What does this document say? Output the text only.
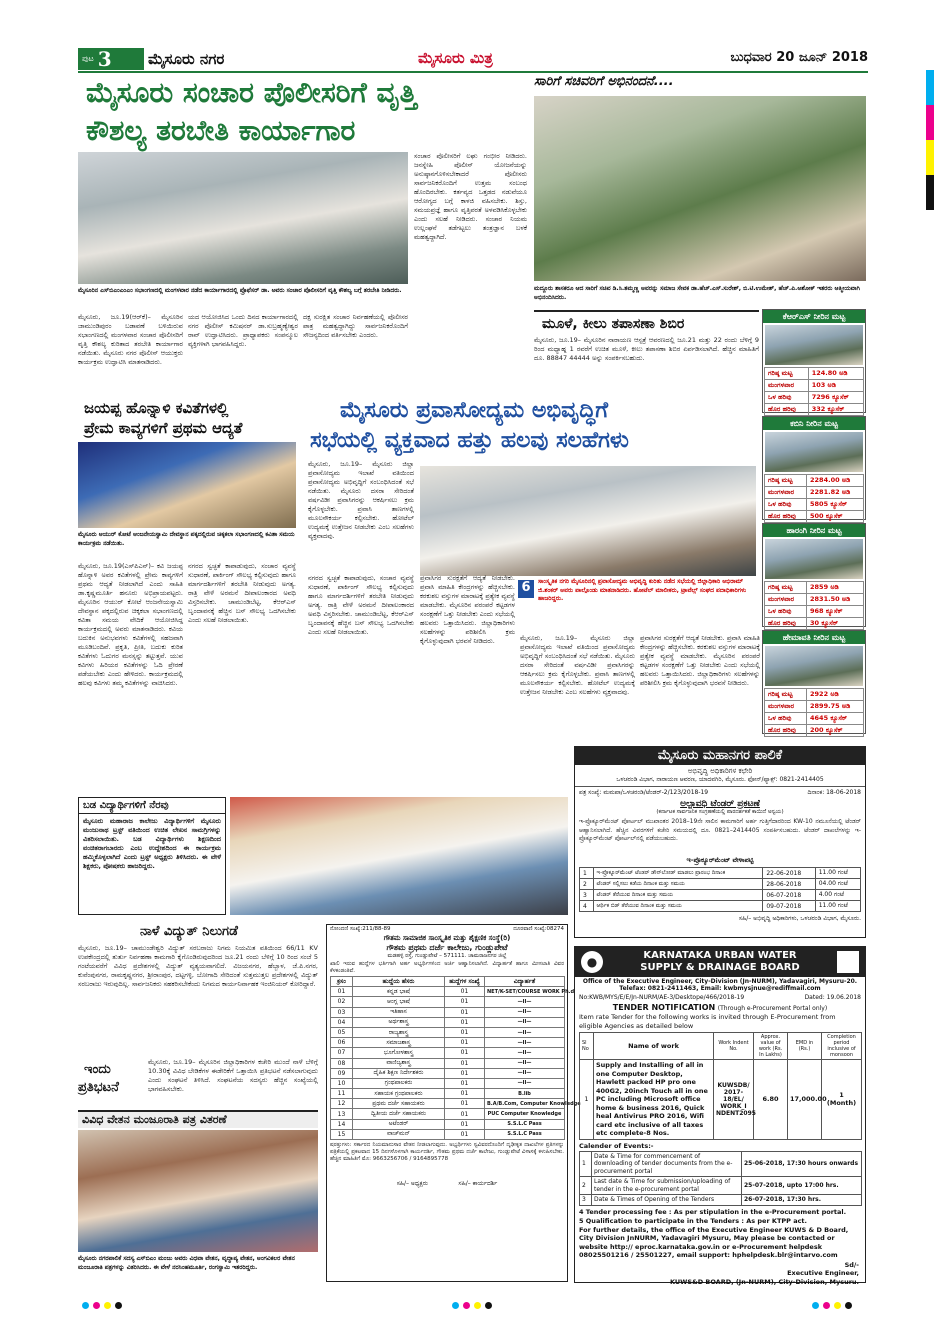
ಪುಟ 3 ಮೈಸೂರು ನಗರ	ಮೈಸೂರು ಮಿತ್ರ	ಬುಧವಾರ 20 ಜೂನ್ 2018
ಮೈಸೂರು ಸಂಚಾರ ಪೊಲೀಸರಿಗೆ ವೃತ್ತಿ
ಕೌಶಲ್ಯ ತರಬೇತಿ ಕಾರ್ಯಾಗಾರ
ಸಾರಿಗೆ ಸಚಿವರಿಗೆ ಅಭಿನಂದನೆ....
ಮದ್ದೂರು ಶಾಸಕರೂ ಆದ ಸಾರಿಗೆ ಸಚಿವ ಡಿ.ಸಿ.ತಮ್ಮಣ್ಣ ಅವರನ್ನು ಸಮಾಜ ಸೇವಕ ಡಾ.ಹೆಚ್.ಎಸ್.ಸುರೇಶ್, ಬಿ.ಟಿ.ಉಮೇಶ್, ಹೆಚ್.ಪಿ.ಅಶೋಕ್ ಇತರರು ಆತ್ಮೀಯವಾಗಿ ಅಭಿನಂದಿಸಿದರು.
ಮೈಸೂರಿನ ಎಸ್‌ಬಿಎಂಎಂಎಂ ಸಭಾಂಗಣದಲ್ಲಿ ಮಂಗಳವಾರ ನಡೆದ ಕಾರ್ಯಾಗಾರದಲ್ಲಿ ಪ್ರೊಫೆಸರ್ ಡಾ. ಅವರು ಸಂಚಾರ ಪೊಲೀಸರಿಗೆ ವೃತ್ತಿ ಕೌಶಲ್ಯ ಬಗ್ಗೆ ತರಬೇತಿ ನೀಡಿದರು.
ಮೈಸೂರು, ಜೂ.19(ಆರ್‌ಕೆ)– ಮೈಸೂರಿನ ಜಾಮುಂಡಿಪುರಂ ಬಡಾವಣೆ ಬಳಿಯಿರುವ ಸಭಾಂಗಣದಲ್ಲಿ ಮಂಗಳವಾರ ಸಂಚಾರ ಪೊಲೀಸರಿಗೆ ವೃತ್ತಿ ಕೌಶಲ್ಯ ಕುರಿತಾದ ತರಬೇತಿ ಕಾರ್ಯಾಗಾರ ನಡೆಯಿತು. ಮೈಸೂರು ನಗರ ಪೊಲೀಸ್ ಆಯುಕ್ತರು ಕಾರ್ಯಕ್ರಮ ಉದ್ಘಾಟಿಸಿ ಮಾತನಾಡಿದರು.
ಯದ ಆಯೋಜಿಸಿದ ಒಂದು ದಿನದ ಕಾರ್ಯಾಗಾರದಲ್ಲಿ ನಗರ ಪೊಲೀಸ್ ಕಮಿಷನರ್ ಡಾ.ಸುಬ್ರಹ್ಮಣ್ಯೇಶ್ವರ ರಾವ್ ಉದ್ಘಾಟಿಸಿದರು. ಪ್ರಾಧ್ಯಾಪಕರು ಸಂಪನ್ಮೂಲ ವ್ಯಕ್ತಿಗಳಾಗಿ ಭಾಗವಹಿಸಿದ್ದರು.
ದಕ್ಷ ಸುರಕ್ಷಿತ ಸಂಚಾರ ನಿರ್ವಹಣೆಯಲ್ಲಿ ಪೊಲೀಸರ ಪಾತ್ರ ಮಹತ್ವದ್ದಾಗಿದ್ದು ಸಾರ್ವಜನಿಕರೊಂದಿಗೆ ಸೌಜನ್ಯದಿಂದ ವರ್ತಿಸಬೇಕು ಎಂದರು.
ಸಂಚಾರ ಪೊಲೀಸರಿಗೆ ಲಘು ಗಂಭೀರ ನೀಡಿದರು. ಜನಸ್ನೇಹಿ ಪೊಲೀಸ್ ಯೋಜನೆಯನ್ನು ಅನುಷ್ಠಾನಗೊಳಿಸಬೇಕಾದರೆ ಪೊಲೀಸರು ಸಾರ್ವಜನಿಕರೊಂದಿಗೆ ಉತ್ತಮ ಸಂಬಂಧ ಹೊಂದಿರಬೇಕು. ಕರ್ತವ್ಯದ ಒತ್ತಡದ ನಡುವೆಯೂ ಆರೋಗ್ಯದ ಬಗ್ಗೆ ಕಾಳಜಿ ವಹಿಸಬೇಕು. ಶಿಸ್ತು, ಸಮಯಪ್ರಜ್ಞೆ ಹಾಗೂ ವೃತ್ತಿಪರತೆ ಅಳವಡಿಸಿಕೊಳ್ಳಬೇಕು ಎಂದು ಸಲಹೆ ನೀಡಿದರು. ಸಂಚಾರ ನಿಯಮ ಉಲ್ಲಂಘನೆ ತಡೆಗಟ್ಟಲು ತಂತ್ರಜ್ಞಾನ ಬಳಕೆ ಮಹತ್ವದ್ದಾಗಿದೆ.
ಮೂಳೆ, ಕೀಲು ತಪಾಸಣಾ ಶಿಬಿರ
ಮೈಸೂರು, ಜೂ.19– ಮೈಸೂರಿನ ನಾರಾಯಣ ಆಸ್ಪತ್ರೆ ಆವರಣದಲ್ಲಿ ಜೂ.21 ಮತ್ತು 22 ರಂದು ಬೆಳಿಗ್ಗೆ 9 ರಿಂದ ಮಧ್ಯಾಹ್ನ 1 ರವರೆಗೆ ಉಚಿತ ಮೂಳೆ, ಕೀಲು ತಪಾಸಣಾ ಶಿಬಿರ ಏರ್ಪಡಿಸಲಾಗಿದೆ. ಹೆಚ್ಚಿನ ಮಾಹಿತಿಗೆ ದೂ. 88847 44444 ಅನ್ನು ಸಂಪರ್ಕಿಸಬಹುದು.
ಕೆಆರ್‌ಎಸ್ ನೀರಿನ ಮಟ್ಟ
ಗರಿಷ್ಠ ಮಟ್ಟ	124.80 ಅಡಿ
ಮಂಗಳವಾರ	103 ಅಡಿ
ಒಳ ಹರಿವು	7296 ಕ್ಯೂಸೆಕ್
ಹೊರ ಹರಿವು	332 ಕ್ಯೂಸೆಕ್
ಕಬಿನಿ ನೀರಿನ ಮಟ್ಟ
ಗರಿಷ್ಠ ಮಟ್ಟ	2284.00 ಅಡಿ
ಮಂಗಳವಾರ	2281.82 ಅಡಿ
ಒಳ ಹರಿವು	5805 ಕ್ಯೂಸೆಕ್
ಹೊರ ಹರಿವು	500 ಕ್ಯೂಸೆಕ್
ಹಾರಂಗಿ ನೀರಿನ ಮಟ್ಟ
ಗರಿಷ್ಠ ಮಟ್ಟ	2859 ಅಡಿ
ಮಂಗಳವಾರ	2831.50 ಅಡಿ
ಒಳ ಹರಿವು	968 ಕ್ಯೂಸೆಕ್
ಹೊರ ಹರಿವು	30 ಕ್ಯೂಸೆಕ್
ಹೇಮಾವತಿ ನೀರಿನ ಮಟ್ಟ
ಗರಿಷ್ಠ ಮಟ್ಟ	2922 ಅಡಿ
ಮಂಗಳವಾರ	2899.75 ಅಡಿ
ಒಳ ಹರಿವು	4645 ಕ್ಯೂಸೆಕ್
ಹೊರ ಹರಿವು	200 ಕ್ಯೂಸೆಕ್
ಜಯಪ್ಪ ಹೊನ್ನಾಳಿ ಕವಿತೆಗಳಲ್ಲಿ
ಪ್ರೇಮ ಕಾವ್ಯಗಳಿಗೆ ಪ್ರಥಮ ಆದ್ಯತೆ
ಮೈಸೂರು ಆಯುರ್ ಕೋಟೆ ಆಂಜನೇಯಸ್ವಾಮಿ ದೇವಸ್ಥಾನ ಪಕ್ಕದಲ್ಲಿರುವ ಚಿಕ್ಕಕಲಾ ಸಭಾಂಗಣದಲ್ಲಿ ಕವಿತಾ ಸಮಯ ಕಾರ್ಯಕ್ರಮ ನಡೆಯಿತು.
ಮೈಸೂರು, ಜೂ.19(ಎಸ್‌ಪಿಎನ್)– ಕವಿ ಜಯಪ್ಪ ಹೊನ್ನಾಳಿ ಅವರ ಕವಿತೆಗಳಲ್ಲಿ ಪ್ರೇಮ ಕಾವ್ಯಗಳಿಗೆ ಪ್ರಥಮ ಆದ್ಯತೆ ನೀಡಲಾಗಿದೆ ಎಂದು ಸಾಹಿತಿ ಡಾ.ಕೃಷ್ಣಮೂರ್ತಿ ಹನೂರು ಅಭಿಪ್ರಾಯಪಟ್ಟರು. ಮೈಸೂರಿನ ಆಯುರ್ ಕೋಟೆ ಆಂಜನೇಯಸ್ವಾಮಿ ದೇವಸ್ಥಾನ ಪಕ್ಕದಲ್ಲಿರುವ ಚಿಕ್ಕಕಲಾ ಸಭಾಂಗಣದಲ್ಲಿ ಕವಿತಾ ಸಮಯ ವೇದಿಕೆ ಆಯೋಜಿಸಿದ್ದ ಕಾರ್ಯಕ್ರಮದಲ್ಲಿ ಅವರು ಮಾತನಾಡಿದರು. ಕವಿಯ ಬದುಕಿನ ಅನುಭವಗಳು ಕವಿತೆಗಳಲ್ಲಿ ಸಹಜವಾಗಿ ಮೂಡಿಬಂದಿವೆ. ಪ್ರಕೃತಿ, ಪ್ರೀತಿ, ಬದುಕು ಕುರಿತ ಕವಿತೆಗಳು ಓದುಗರ ಮನಸ್ಸನ್ನು ತಟ್ಟುತ್ತವೆ. ಯುವ ಕವಿಗಳು ಹಿರಿಯರ ಕವಿತೆಗಳನ್ನು ಓದಿ ಪ್ರೇರಣೆ ಪಡೆಯಬೇಕು ಎಂದು ಹೇಳಿದರು. ಕಾರ್ಯಕ್ರಮದಲ್ಲಿ ಹಲವು ಕವಿಗಳು ತಮ್ಮ ಕವಿತೆಗಳನ್ನು ವಾಚಿಸಿದರು.
ನಗರದ ಸ್ವಚ್ಛತೆ ಕಾಪಾಡುವುದು, ಸಂಚಾರ ವ್ಯವಸ್ಥೆ ಸುಧಾರಣೆ, ಪಾರ್ಕಿಂಗ್ ಸೌಲಭ್ಯ ಕಲ್ಪಿಸುವುದು ಹಾಗೂ ಮಾರ್ಗದರ್ಶಿಗಳಿಗೆ ತರಬೇತಿ ನೀಡುವುದು ಅಗತ್ಯ. ರಾತ್ರಿ ವೇಳೆ ಅರಮನೆ ದೀಪಾಲಂಕಾರದ ಅವಧಿ ವಿಸ್ತರಿಸಬೇಕು. ಚಾಮುಂಡಿಬೆಟ್ಟ, ಕೆಆರ್‌ಎಸ್ ಬೃಂದಾವನಕ್ಕೆ ಹೆಚ್ಚಿನ ಬಸ್ ಸೌಲಭ್ಯ ಒದಗಿಸಬೇಕು ಎಂದು ಸಲಹೆ ನೀಡಲಾಯಿತು.
ಮೈಸೂರು ಪ್ರವಾಸೋದ್ಯಮ ಅಭಿವೃದ್ಧಿಗೆ
ಸಭೆಯಲ್ಲಿ ವ್ಯಕ್ತವಾದ ಹತ್ತು ಹಲವು ಸಲಹೆಗಳು
ಮೈಸೂರು, ಜೂ.19– ಮೈಸೂರು ಜಿಲ್ಲಾ ಪ್ರವಾಸೋದ್ಯಮ ಇಲಾಖೆ ವತಿಯಿಂದ ಪ್ರವಾಸೋದ್ಯಮ ಅಭಿವೃದ್ಧಿಗೆ ಸಂಬಂಧಿಸಿದಂತೆ ಸಭೆ ನಡೆಯಿತು. ಮೈಸೂರು ದಸರಾ ಸೇರಿದಂತೆ ವರ್ಷವಿಡೀ ಪ್ರವಾಸಿಗರನ್ನು ಆಕರ್ಷಿಸಲು ಕ್ರಮ ಕೈಗೊಳ್ಳಬೇಕು. ಪ್ರವಾಸಿ ತಾಣಗಳಲ್ಲಿ ಮೂಲಸೌಕರ್ಯ ಕಲ್ಪಿಸಬೇಕು. ಹೋಟೆಲ್ ಉದ್ಯಮಕ್ಕೆ ಉತ್ತೇಜನ ನೀಡಬೇಕು ಎಂಬ ಸಲಹೆಗಳು ವ್ಯಕ್ತವಾದವು.
6	ಸಾಂಸ್ಕೃತಿಕ ನಗರಿ ಮೈಸೂರಿನಲ್ಲಿ ಪ್ರವಾಸೋದ್ಯಮ ಅಭಿವೃದ್ಧಿ ಕುರಿತು ನಡೆದ ಸಭೆಯಲ್ಲಿ ಜಿಲ್ಲಾಧಿಕಾರಿ ಅಭಿರಾಮ್ ಜಿ.ಶಂಕರ್ ಅವರು ಪಾಲ್ಗೊಂಡು ಮಾತನಾಡಿದರು. ಹೋಟೆಲ್ ಮಾಲೀಕರು, ಟ್ರಾವೆಲ್ಸ್ ಸಂಘದ ಪದಾಧಿಕಾರಿಗಳು ಹಾಜರಿದ್ದರು.
ನಗರದ ಸ್ವಚ್ಛತೆ ಕಾಪಾಡುವುದು, ಸಂಚಾರ ವ್ಯವಸ್ಥೆ ಸುಧಾರಣೆ, ಪಾರ್ಕಿಂಗ್ ಸೌಲಭ್ಯ ಕಲ್ಪಿಸುವುದು ಹಾಗೂ ಮಾರ್ಗದರ್ಶಿಗಳಿಗೆ ತರಬೇತಿ ನೀಡುವುದು ಅಗತ್ಯ. ರಾತ್ರಿ ವೇಳೆ ಅರಮನೆ ದೀಪಾಲಂಕಾರದ ಅವಧಿ ವಿಸ್ತರಿಸಬೇಕು. ಚಾಮುಂಡಿಬೆಟ್ಟ, ಕೆಆರ್‌ಎಸ್ ಬೃಂದಾವನಕ್ಕೆ ಹೆಚ್ಚಿನ ಬಸ್ ಸೌಲಭ್ಯ ಒದಗಿಸಬೇಕು ಎಂದು ಸಲಹೆ ನೀಡಲಾಯಿತು.
ಪ್ರವಾಸಿಗರ ಸುರಕ್ಷತೆಗೆ ಆದ್ಯತೆ ನೀಡಬೇಕು. ಪ್ರವಾಸಿ ಮಾಹಿತಿ ಕೇಂದ್ರಗಳನ್ನು ಹೆಚ್ಚಿಸಬೇಕು. ಕರಕುಶಲ ವಸ್ತುಗಳ ಮಾರಾಟಕ್ಕೆ ಪ್ರತ್ಯೇಕ ವ್ಯವಸ್ಥೆ ಮಾಡಬೇಕು. ಮೈಸೂರಿನ ಪರಂಪರೆ ಕಟ್ಟಡಗಳ ಸಂರಕ್ಷಣೆಗೆ ಒತ್ತು ನೀಡಬೇಕು ಎಂದು ಸಭೆಯಲ್ಲಿ ಹಲವರು ಒತ್ತಾಯಿಸಿದರು. ಜಿಲ್ಲಾಧಿಕಾರಿಗಳು ಸಲಹೆಗಳನ್ನು ಪರಿಶೀಲಿಸಿ ಕ್ರಮ ಕೈಗೊಳ್ಳುವುದಾಗಿ ಭರವಸೆ ನೀಡಿದರು.	ಮೈಸೂರು, ಜೂ.19– ಮೈಸೂರು ಜಿಲ್ಲಾ ಪ್ರವಾಸೋದ್ಯಮ ಇಲಾಖೆ ವತಿಯಿಂದ ಪ್ರವಾಸೋದ್ಯಮ ಅಭಿವೃದ್ಧಿಗೆ ಸಂಬಂಧಿಸಿದಂತೆ ಸಭೆ ನಡೆಯಿತು. ಮೈಸೂರು ದಸರಾ ಸೇರಿದಂತೆ ವರ್ಷವಿಡೀ ಪ್ರವಾಸಿಗರನ್ನು ಆಕರ್ಷಿಸಲು ಕ್ರಮ ಕೈಗೊಳ್ಳಬೇಕು. ಪ್ರವಾಸಿ ತಾಣಗಳಲ್ಲಿ ಮೂಲಸೌಕರ್ಯ ಕಲ್ಪಿಸಬೇಕು. ಹೋಟೆಲ್ ಉದ್ಯಮಕ್ಕೆ ಉತ್ತೇಜನ ನೀಡಬೇಕು ಎಂಬ ಸಲಹೆಗಳು ವ್ಯಕ್ತವಾದವು.
ಪ್ರವಾಸಿಗರ ಸುರಕ್ಷತೆಗೆ ಆದ್ಯತೆ ನೀಡಬೇಕು. ಪ್ರವಾಸಿ ಮಾಹಿತಿ ಕೇಂದ್ರಗಳನ್ನು ಹೆಚ್ಚಿಸಬೇಕು. ಕರಕುಶಲ ವಸ್ತುಗಳ ಮಾರಾಟಕ್ಕೆ ಪ್ರತ್ಯೇಕ ವ್ಯವಸ್ಥೆ ಮಾಡಬೇಕು. ಮೈಸೂರಿನ ಪರಂಪರೆ ಕಟ್ಟಡಗಳ ಸಂರಕ್ಷಣೆಗೆ ಒತ್ತು ನೀಡಬೇಕು ಎಂದು ಸಭೆಯಲ್ಲಿ ಹಲವರು ಒತ್ತಾಯಿಸಿದರು. ಜಿಲ್ಲಾಧಿಕಾರಿಗಳು ಸಲಹೆಗಳನ್ನು ಪರಿಶೀಲಿಸಿ ಕ್ರಮ ಕೈಗೊಳ್ಳುವುದಾಗಿ ಭರವಸೆ ನೀಡಿದರು.
ಮೈಸೂರು ಮಹಾನಗರ ಪಾಲಿಕೆ
ಅಭಿವೃದ್ಧಿ ಅಧಿಕಾರಿಗಳ ಕಛೇರಿ
ಒಳಚರಂಡಿ ವಿಭಾಗ, ನಾರಾಯಣ ಆವರಣ, ಯಾದವಗಿರಿ, ಮೈಸೂರು. ಫೋನ್/ಫ್ಯಾಕ್ಸ್: 0821-2414405
ಪತ್ರ ಸಂಖ್ಯೆ: ಮಮಪಾ/ಒಳಚರಂಡಿ/ಟೆಂಡರ್-2/123/2018-19	ದಿನಾಂಕ: 18-06-2018
ಅಲ್ಪಾವಧಿ ಟೆಂಡರ್ ಪ್ರಕಟಣೆ
(ಕರ್ನಾಟಕ ಸಾರ್ವಜನಿಕ ಸಂಗ್ರಹಣೆಯಲ್ಲಿ ಪಾರದರ್ಶಕತೆ ಕಾಯಿದೆ ಅನ್ವಯ)
ಇ-ಪ್ರೊಕ್ಯೂರ್‌ಮೆಂಟ್ ಪೋರ್ಟಲ್ ಮುಖಾಂತರ 2018–19ನೇ ಸಾಲಿನ ಕಾಮಗಾರಿಗೆ ಅರ್ಹ ಗುತ್ತಿಗೆದಾರರಿಂದ KW-10 ನಮೂನೆಯಲ್ಲಿ ಟೆಂಡರ್ ಆಹ್ವಾನಿಸಲಾಗಿದೆ. ಹೆಚ್ಚಿನ ವಿವರಗಳಿಗೆ ಕಚೇರಿ ಸಮಯದಲ್ಲಿ ದೂ. 0821–2414405 ಸಂಪರ್ಕಿಸಬಹುದು. ಟೆಂಡರ್ ದಾಖಲೆಗಳನ್ನು ಇ-ಪ್ರೊಕ್ಯೂರ್‌ಮೆಂಟ್ ಪೋರ್ಟಲ್‌ನಲ್ಲಿ ಪಡೆಯಬಹುದು.
ಇ-ಪ್ರೊಕ್ಯೂರ್‌ಮೆಂಟ್ ವೇಳಾಪಟ್ಟಿ
1	ಇ-ಪ್ರೊಕ್ಯೂರ್‌ಮೆಂಟ್ ಟೆಂಡರ್ ಡೌನ್‌ಲೋಡ್ ಮಾಡಲು ಪ್ರಾರಂಭ ದಿನಾಂಕ	22-06-2018	11.00 ಗಂಟೆ
2	ಟೆಂಡರ್ ಸಲ್ಲಿಸಲು ಕಡೆಯ ದಿನಾಂಕ ಮತ್ತು ಸಮಯ	28-06-2018	04.00 ಗಂಟೆ
3	ಟೆಂಡರ್ ತೆರೆಯುವ ದಿನಾಂಕ ಮತ್ತು ಸಮಯ	06-07-2018	4.00 ಗಂಟೆ
4	ಆರ್ಥಿಕ ಬಿಡ್ ತೆರೆಯುವ ದಿನಾಂಕ ಮತ್ತು ಸಮಯ	09-07-2018	11.00 ಗಂಟೆ
ಸಹಿ/– ಅಭಿವೃದ್ಧಿ ಅಧಿಕಾರಿಗಳು, ಒಳಚರಂಡಿ ವಿಭಾಗ, ಮೈಸೂರು.
ಬಡ ವಿದ್ಯಾರ್ಥಿಗಳಿಗೆ ನೆರವು
ಮೈಸೂರು ಮಹಾರಾಜ ಕಾಲೇಜು ವಿದ್ಯಾರ್ಥಿಗಳಿಗೆ ಮೈಸೂರು ಮಂಜುನಾಥ ಟ್ರಸ್ಟ್ ವತಿಯಿಂದ ಉಚಿತ ಲೇಖನ ಸಾಮಗ್ರಿಗಳನ್ನು ವಿತರಿಸಲಾಯಿತು. ಬಡ ವಿದ್ಯಾರ್ಥಿಗಳು ಶಿಕ್ಷಣದಿಂದ ವಂಚಿತರಾಗಬಾರದು ಎಂಬ ಉದ್ದೇಶದಿಂದ ಈ ಕಾರ್ಯಕ್ರಮ ಹಮ್ಮಿಕೊಳ್ಳಲಾಗಿದೆ ಎಂದು ಟ್ರಸ್ಟ್ ಅಧ್ಯಕ್ಷರು ತಿಳಿಸಿದರು. ಈ ವೇಳೆ ಶಿಕ್ಷಕರು, ಪೋಷಕರು ಹಾಜರಿದ್ದರು.
ನಾಳೆ ವಿದ್ಯುತ್ ನಿಲುಗಡೆ
ಮೈಸೂರು, ಜೂ.19– ಚಾಮುಂಡೇಶ್ವರಿ ವಿದ್ಯುತ್ ಸರಬರಾಜು ನಿಗಮ ನಿಯಮಿತ ವತಿಯಿಂದ 66/11 KV ಉಪಕೇಂದ್ರದಲ್ಲಿ ತುರ್ತು ನಿರ್ವಹಣಾ ಕಾಮಗಾರಿ ಕೈಗೊಂಡಿರುವುದರಿಂದ ಜೂ.21 ರಂದು ಬೆಳಿಗ್ಗೆ 10 ರಿಂದ ಸಂಜೆ 5 ಗಂಟೆಯವರೆಗೆ ವಿವಿಧ ಪ್ರದೇಶಗಳಲ್ಲಿ ವಿದ್ಯುತ್ ವ್ಯತ್ಯಯವಾಗಲಿದೆ. ವಿಜಯನಗರ, ಹೆಬ್ಬಾಳ, ಜೆ.ಪಿ.ನಗರ, ಕುವೆಂಪುನಗರ, ರಾಮಕೃಷ್ಣನಗರ, ಶ್ರೀರಾಂಪುರ, ದಟ್ಟಗಳ್ಳಿ, ಬೋಗಾದಿ ಸೇರಿದಂತೆ ಸುತ್ತಮುತ್ತಲ ಪ್ರದೇಶಗಳಲ್ಲಿ ವಿದ್ಯುತ್ ಸರಬರಾಜು ಇರುವುದಿಲ್ಲ. ಸಾರ್ವಜನಿಕರು ಸಹಕರಿಸಬೇಕೆಂದು ನಿಗಮದ ಕಾರ್ಯನಿರ್ವಾಹಕ ಇಂಜಿನಿಯರ್ ಕೋರಿದ್ದಾರೆ.
ಇಂದು
ಪ್ರತಿಭಟನೆ
ಮೈಸೂರು, ಜೂ.19– ಮೈಸೂರಿನ ಜಿಲ್ಲಾಧಿಕಾರಿಗಳ ಕಚೇರಿ ಮುಂದೆ ನಾಳೆ ಬೆಳಿಗ್ಗೆ 10.30ಕ್ಕೆ ವಿವಿಧ ಬೇಡಿಕೆಗಳ ಈಡೇರಿಕೆಗೆ ಒತ್ತಾಯಿಸಿ ಪ್ರತಿಭಟನೆ ನಡೆಸಲಾಗುವುದು ಎಂದು ಸಂಘಟನೆ ತಿಳಿಸಿದೆ. ಸಂಘಟನೆಯ ಸದಸ್ಯರು ಹೆಚ್ಚಿನ ಸಂಖ್ಯೆಯಲ್ಲಿ ಭಾಗವಹಿಸಬೇಕು.
ವಿವಿಧ ವೇತನ ಮಂಜೂರಾತಿ ಪತ್ರ ವಿತರಣೆ
ಮೈಸೂರು ನಗರಪಾಲಿಕೆ ಸದಸ್ಯ ಎಸ್‌ಬಿಎಂ ಮಂಜು ಅವರು ವಿಧವಾ ವೇತನ, ವೃದ್ಧಾಪ್ಯ ವೇತನ, ಅಂಗವಿಕಲರ ವೇತನ ಮಂಜೂರಾತಿ ಪತ್ರಗಳನ್ನು ವಿತರಿಸಿದರು. ಈ ವೇಳೆ ನರಸಿಂಹಮೂರ್ತಿ, ರಂಗಸ್ವಾಮಿ ಇತರರಿದ್ದರು.
ನೋಂದಣಿ ಸಂಖ್ಯೆ:211/88-89	ದೂರವಾಣಿ ಸಂಖ್ಯೆ:08274
ಗೌತಮ ಸಾಮಾಜಿಕ ಸಾಂಸ್ಕೃತಿಕ ಮತ್ತು ಶೈಕ್ಷಣಿಕ ಸಂಸ್ಥೆ(ರಿ)
ಗೌತಮ ಪ್ರಥಮ ದರ್ಜೆ ಕಾಲೇಜು, ಗುಂಡ್ಲುಪೇಟೆ
ಮಡಹಳ್ಳಿ ರಸ್ತೆ, ಗುಂಡ್ಲುಪೇಟೆ – 571111. ಚಾಮರಾಜನಗರ ಜಿಲ್ಲೆ
ಖಾಲಿ ಇರುವ ಹುದ್ದೆಗಳ ಭರ್ತಿಗಾಗಿ ಅರ್ಹ ಅಭ್ಯರ್ಥಿಗಳಿಂದ ಅರ್ಜಿ ಆಹ್ವಾನಿಸಲಾಗಿದೆ. ವಿದ್ಯಾರ್ಹತೆ ಹಾಗೂ ಮೀಸಲಾತಿ ವಿವರ ಕೆಳಕಂಡಂತಿವೆ.
ಕ್ರಸಂ	ಹುದ್ದೆಯ ಹೆಸರು	ಹುದ್ದೆಗಳ ಸಂಖ್ಯೆ	ವಿದ್ಯಾರ್ಹತೆ
01	ಕನ್ನಡ ಭಾಷೆ	01	NET/K-SET/COURSE WORK Ph.d
02	ಆಂಗ್ಲ ಭಾಷೆ	01	—II—
03	ಇತಿಹಾಸ	01	—II—
04	ಅರ್ಥಶಾಸ್ತ್ರ	01	—II—
05	ರಾಜ್ಯಶಾಸ್ತ್ರ	01	—II—
06	ಸಮಾಜಶಾಸ್ತ್ರ	01	—II—
07	ಭೂಗೋಳಶಾಸ್ತ್ರ	01	—II—
08	ವಾಣಿಜ್ಯಶಾಸ್ತ್ರ	01	—II—
09	ದೈಹಿಕ ಶಿಕ್ಷಣ ನಿರ್ದೇಶಕರು	01	—II—
10	ಗ್ರಂಥಪಾಲಕರು	01	—II—
11	ಸಹಾಯಕ ಗ್ರಂಥಪಾಲಕರು	01	B.lib
12	ಪ್ರಥಮ ದರ್ಜೆ ಸಹಾಯಕರು	01	B.A/B.Com, Computer Knowledge
13	ದ್ವಿತೀಯ ದರ್ಜೆ ಸಹಾಯಕರು	01	PUC Computer Knowledge
14	ಅಟೆಂಡರ್	01	S.S.L.C Pass
15	ವಾಚ್‌ಮನ್	01	S.S.L.C Pass
ಷರತ್ತುಗಳು: ಸರ್ಕಾರದ ನಿಯಮಾನುಸಾರ ವೇತನ ನೀಡಲಾಗುವುದು. ಅಭ್ಯರ್ಥಿಗಳು ಸ್ವವಿವರದೊಂದಿಗೆ ದೃಢೀಕೃತ ದಾಖಲೆಗಳ ಪ್ರತಿಗಳನ್ನು ಪತ್ರಿಕೆಯಲ್ಲಿ ಪ್ರಕಟವಾದ 15 ದಿನಗಳೊಳಗಾಗಿ ಕಾರ್ಯದರ್ಶಿ, ಗೌತಮ ಪ್ರಥಮ ದರ್ಜೆ ಕಾಲೇಜು, ಗುಂಡ್ಲುಪೇಟೆ ವಿಳಾಸಕ್ಕೆ ಕಳುಹಿಸಬೇಕು. ಹೆಚ್ಚಿನ ಮಾಹಿತಿಗೆ ಮೊ: 9663256706 / 9164895778
ಸಹಿ/– ಅಧ್ಯಕ್ಷರು                ಸಹಿ/– ಕಾರ್ಯದರ್ಶಿ
●	KARNATAKA URBAN WATER
SUPPLY & DRAINAGE BOARD
Office of the Executive Engineer, City-Division (Jn-NURM), Yadavagiri, Mysuru-20.
Telefax: 0821-2411463, Email: kwbmysjnue@rediffmail.com
No:KWB/MYS/E/E/Jn-NURM/AE-3/Desktope/466/2018-19	Dated: 19.06.2018
TENDER NOTIFICATION (Through e-Procurement Portal only)
Item rate Tender for the following works is invited through E-Procurement from eligible Agencies as detailed below
Sl No	Name of work	Work Indent No.	Approx. value of work (Rs. In Lakhs)	EMD in (Rs.)	Completion period inclusive of monsoon
1	Supply and Installing of all in one Computer Desktop, Hawlett packed HP pro one 400G2, 20inch Touch all in one PC including Microsoft office home & business 2016, Quick heal Antivirus PRO 2016, Wifi card etc inclusive of all taxes etc complete-8 Nos.	KUWSDB/ 2017-18/EL/ WORK_I NDENT2095	6.80	17,000.00	1 (Month)
Calender of Events:-
1	Date & Time for commencement of downloading of tender documents from the e-procurement portal	25-06-2018, 17:30 hours onwards
2	Last date & Time for submission/uploading of tender in the e-procurement portal	25-07-2018, upto 17:00 hrs.
3	Date & Times of Opening of the Tenders	26-07-2018, 17:30 hrs.
4 Tender processing fee : As per stipulation in the e-Procurement portal.
5 Qualification to participate in the Tenders : As per KTPP act.
For further details, the office of the Executive Engineer KUWS & D Board, City Division JnNURM, Yadavagiri Mysuru, May please be contacted or website http:// eproc.karnataka.gov.in or e-Procurement helpdesk 08025501216 / 25501227, email support: hphelpdesk.blr@intarvo.com
Sd/-
Executive Engineer,
KUWS&D BOARD, (Jn-NURM), City-Division, Mysuru.
